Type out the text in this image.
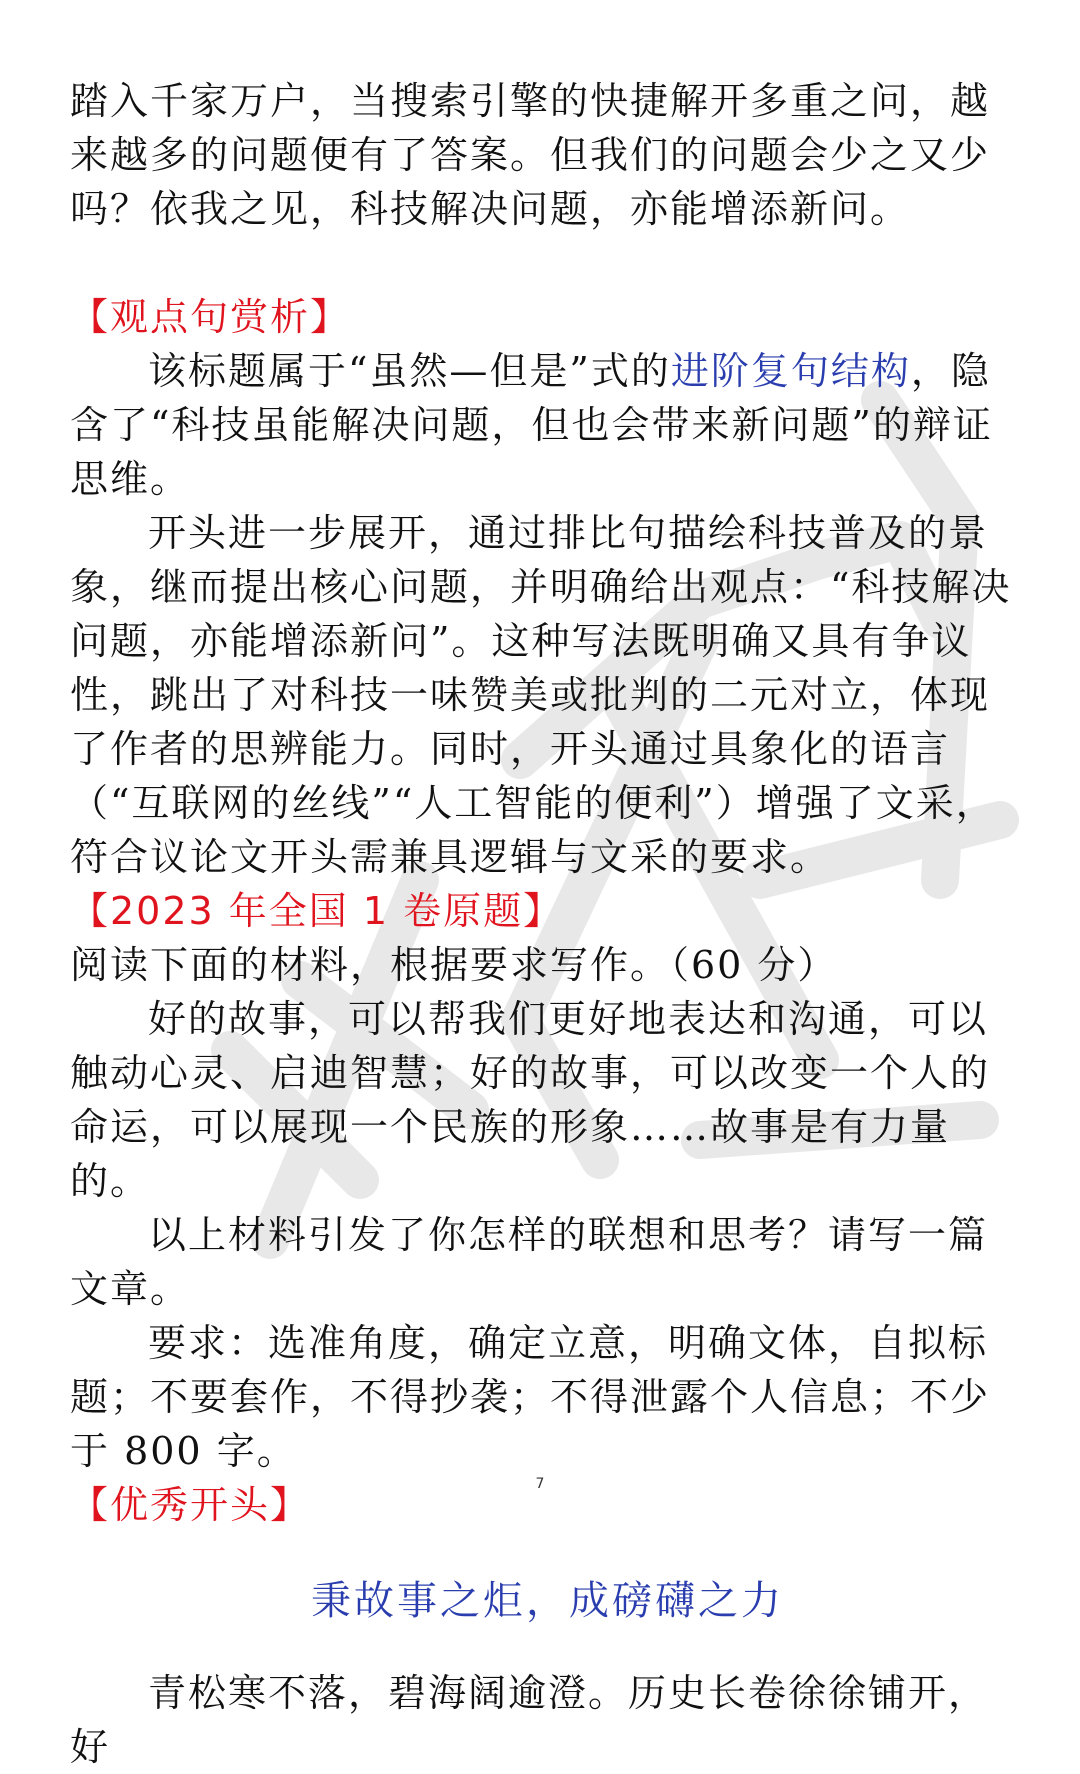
踏入千家万户，当搜索引擎的快捷解开多重之问，越来越多的问题便有了答案。但我们的问题会少之又少吗？依我之见，科技解决问题，亦能增添新问。

【观点句赏析】

该标题属于“虽然—但是”式的进阶复句结构，隐含了“科技虽能解决问题，但也会带来新问题”的辩证思维。

开头进一步展开，通过排比句描绘科技普及的景象，继而提出核心问题，并明确给出观点：“科技解决问题，亦能增添新问”。这种写法既明确又具有争议性，跳出了对科技一味赞美或批判的二元对立，体现了作者的思辨能力。同时，开头通过具象化的语言（“互联网的丝线”“人工智能的便利”）增强了文采，符合议论文开头需兼具逻辑与文采的要求。

【2023 年全国 1 卷原题】

阅读下面的材料，根据要求写作。（60 分）

好的故事，可以帮我们更好地表达和沟通，可以触动心灵、启迪智慧；好的故事，可以改变一个人的命运，可以展现一个民族的形象……故事是有力量的。

以上材料引发了你怎样的联想和思考？请写一篇文章。

要求：选准角度，确定立意，明确文体，自拟标题；不要套作，不得抄袭；不得泄露个人信息；不少于 800 字。

【优秀开头】

秉故事之炬，成磅礴之力

青松寒不落，碧海阔逾澄。历史长卷徐徐铺开，好

7
